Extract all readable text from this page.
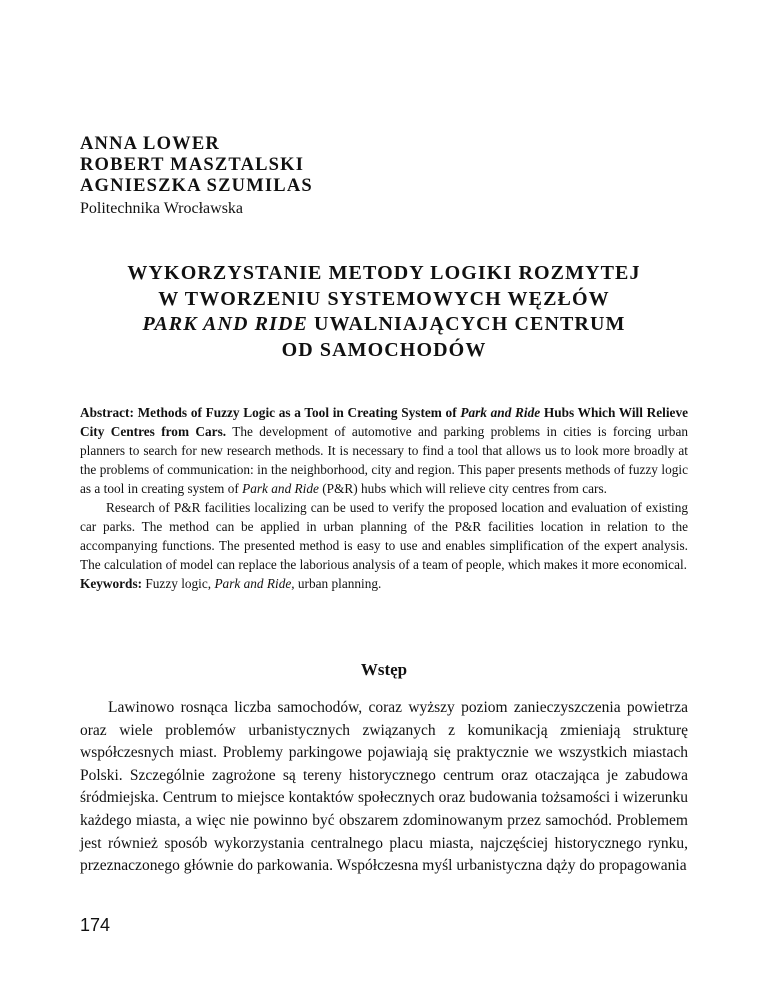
ANNA LOWER
ROBERT MASZTALSKI
AGNIESZKA SZUMILAS
Politechnika Wrocławska
WYKORZYSTANIE METODY LOGIKI ROZMYTEJ
W TWORZENIU SYSTEMOWYCH WĘZŁÓW
PARK AND RIDE UWALNIAJĄCYCH CENTRUM
OD SAMOCHODÓW

Abstract: Methods of Fuzzy Logic as a Tool in Creating System of Park and Ride Hubs Which Will Relieve City Centres from Cars. The development of automotive and parking problems in cities is forcing urban planners to search for new research methods. It is necessary to find a tool that allows us to look more broadly at the problems of communication: in the neighborhood, city and region. This paper presents methods of fuzzy logic as a tool in creating system of Park and Ride (P&R) hubs which will relieve city centres from cars.

Research of P&R facilities localizing can be used to verify the proposed location and evaluation of existing car parks. The method can be applied in urban planning of the P&R facilities location in relation to the accompanying functions. The presented method is easy to use and enables simplification of the expert analysis. The calculation of model can replace the laborious analysis of a team of people, which makes it more economical.

Keywords: Fuzzy logic, Park and Ride, urban planning.

Wstęp

Lawinowo rosnąca liczba samochodów, coraz wyższy poziom zanieczyszczenia powietrza oraz wiele problemów urbanistycznych związanych z komunikacją zmieniają strukturę współczesnych miast. Problemy parkingowe pojawiają się praktycznie we wszystkich miastach Polski. Szczególnie zagrożone są tereny historycznego centrum oraz otaczająca je zabudowa śródmiejska. Centrum to miejsce kontaktów społecznych oraz budowania tożsamości i wizerunku każdego miasta, a więc nie powinno być obszarem zdominowanym przez samochód. Problemem jest również sposób wykorzystania centralnego placu miasta, najczęściej historycznego rynku, przeznaczonego głównie do parkowania. Współczesna myśl urbanistyczna dąży do propagowania

174
